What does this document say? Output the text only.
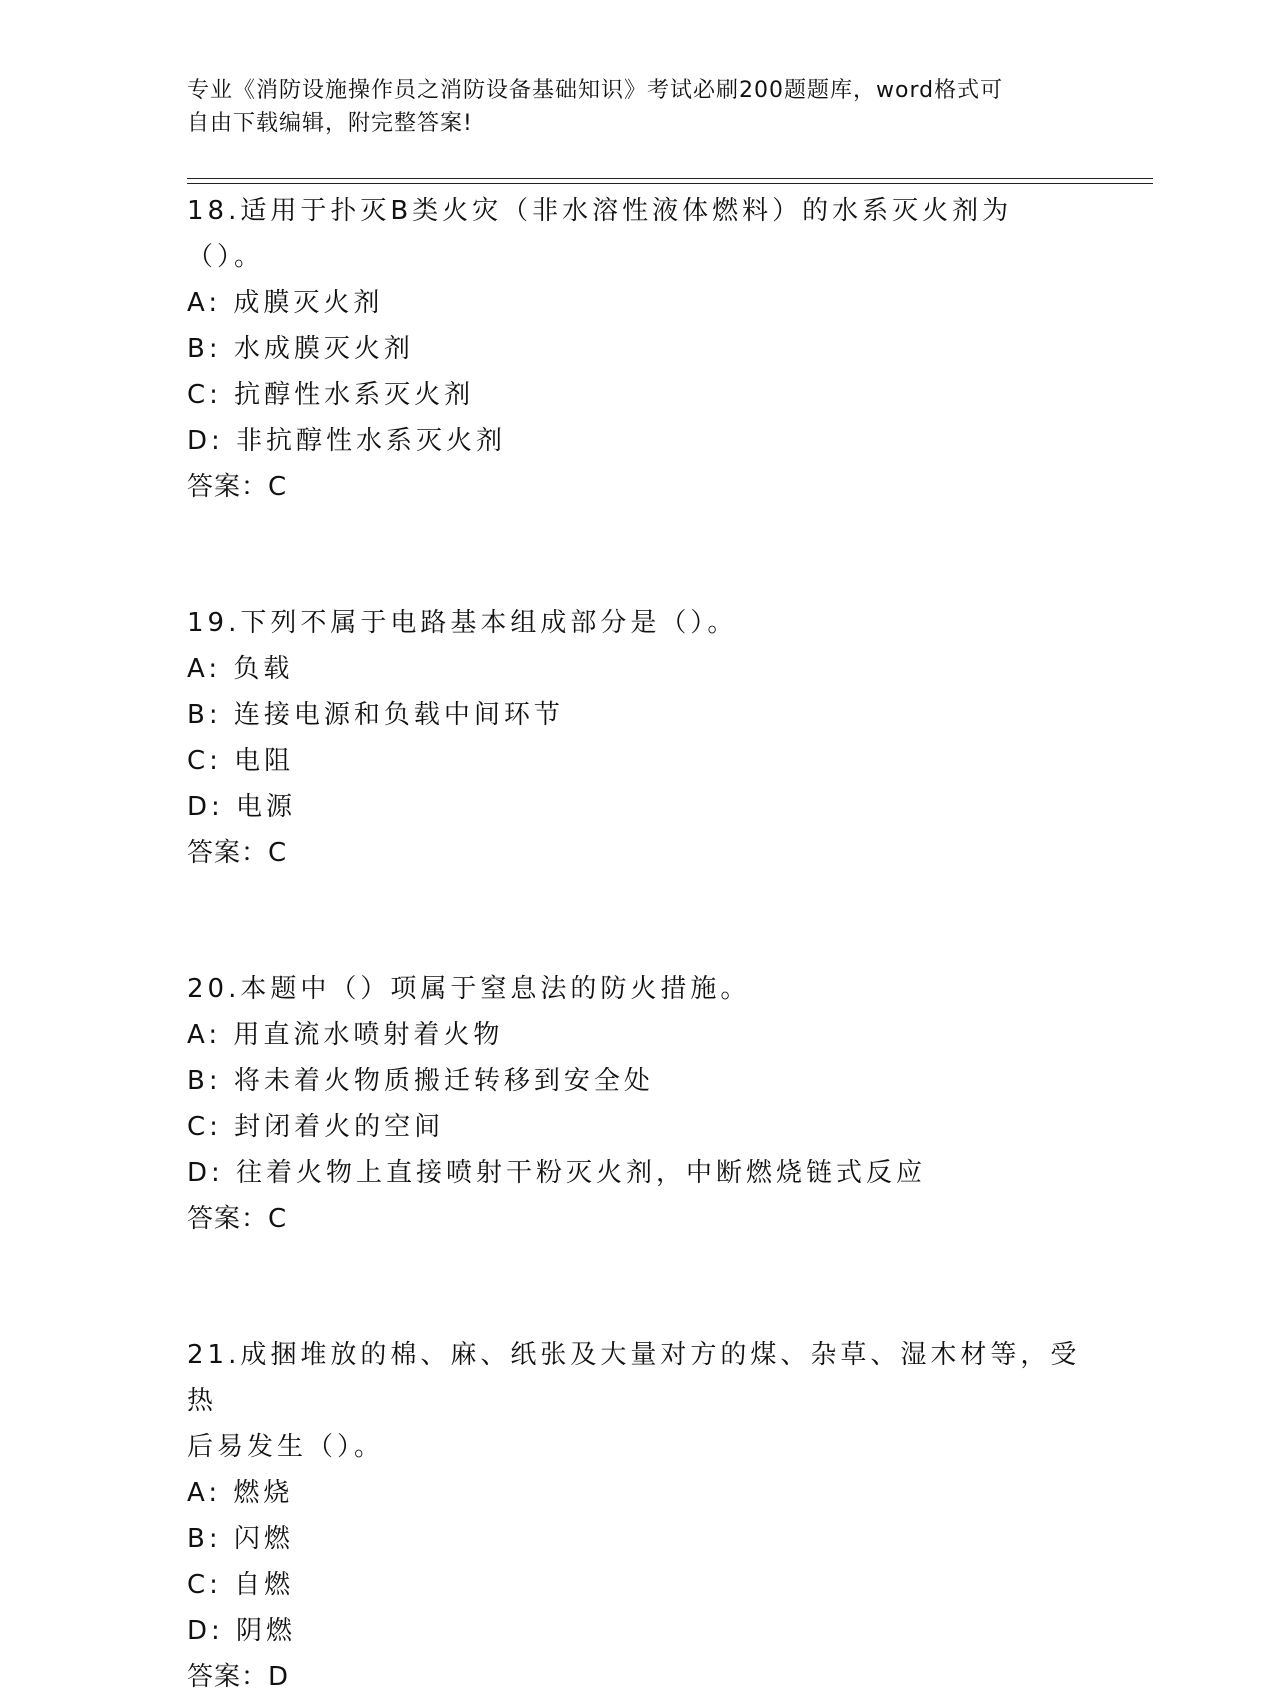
专业《消防设施操作员之消防设备基础知识》考试必刷200题题库，word格式可
自由下载编辑，附完整答案!
18.适用于扑灭B类火灾（非水溶性液体燃料）的水系灭火剂为（）。
A: 成膜灭火剂
B: 水成膜灭火剂
C: 抗醇性水系灭火剂
D: 非抗醇性水系灭火剂
答案：C
19.下列不属于电路基本组成部分是（）。
A: 负载
B: 连接电源和负载中间环节
C: 电阻
D: 电源
答案：C
20.本题中（）项属于窒息法的防火措施。
A: 用直流水喷射着火物
B: 将未着火物质搬迁转移到安全处
C: 封闭着火的空间
D: 往着火物上直接喷射干粉灭火剂，中断燃烧链式反应
答案：C
21.成捆堆放的棉、麻、纸张及大量对方的煤、杂草、湿木材等，受热
后易发生（）。
A: 燃烧
B: 闪燃
C: 自燃
D: 阴燃
答案：D
